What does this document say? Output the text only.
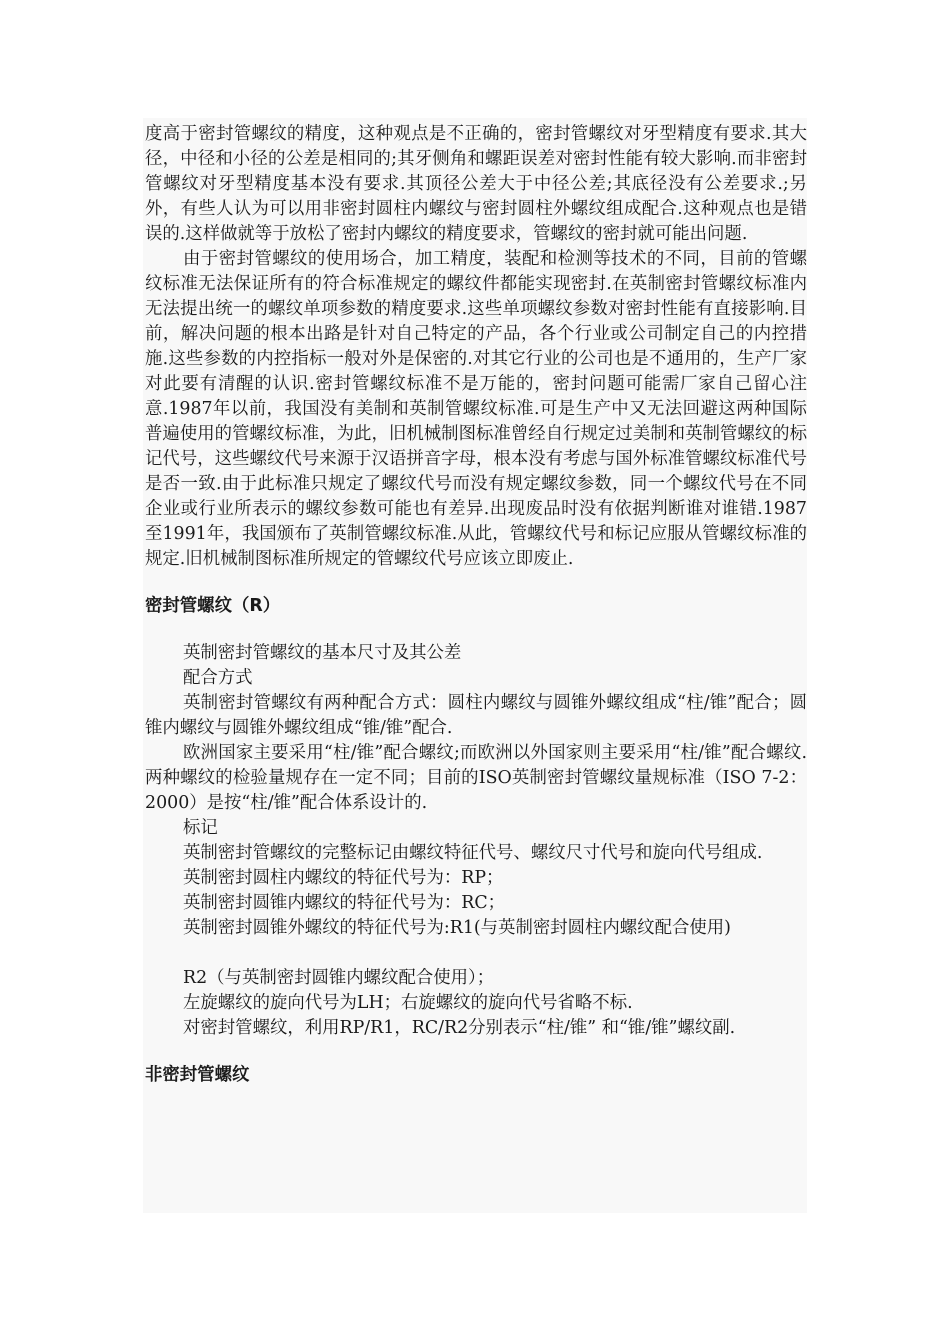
度高于密封管螺纹的精度，这种观点是不正确的，密封管螺纹对牙型精度有要求.其大径，中径和小径的公差是相同的;其牙侧角和螺距误差对密封性能有较大影响.而非密封管螺纹对牙型精度基本没有要求.其顶径公差大于中径公差;其底径没有公差要求.;另外，有些人认为可以用非密封圆柱内螺纹与密封圆柱外螺纹组成配合.这种观点也是错误的.这样做就等于放松了密封内螺纹的精度要求，管螺纹的密封就可能出问题.

由于密封管螺纹的使用场合，加工精度，装配和检测等技术的不同，目前的管螺纹标准无法保证所有的符合标准规定的螺纹件都能实现密封.在英制密封管螺纹标准内无法提出统一的螺纹单项参数的精度要求.这些单项螺纹参数对密封性能有直接影响.目前，解决问题的根本出路是针对自己特定的产品，各个行业或公司制定自己的内控措施.这些参数的内控指标一般对外是保密的.对其它行业的公司也是不通用的，生产厂家对此要有清醒的认识.密封管螺纹标准不是万能的，密封问题可能需厂家自己留心注意.1987年以前，我国没有美制和英制管螺纹标准.可是生产中又无法回避这两种国际普遍使用的管螺纹标准，为此，旧机械制图标准曾经自行规定过美制和英制管螺纹的标记代号，这些螺纹代号来源于汉语拼音字母，根本没有考虑与国外标准管螺纹标准代号是否一致.由于此标准只规定了螺纹代号而没有规定螺纹参数，同一个螺纹代号在不同企业或行业所表示的螺纹参数可能也有差异.出现废品时没有依据判断谁对谁错.1987至1991年，我国颁布了英制管螺纹标准.从此，管螺纹代号和标记应服从管螺纹标准的规定.旧机械制图标准所规定的管螺纹代号应该立即废止.

密封管螺纹（R）

英制密封管螺纹的基本尺寸及其公差

配合方式

英制密封管螺纹有两种配合方式：圆柱内螺纹与圆锥外螺纹组成“柱/锥”配合；圆锥内螺纹与圆锥外螺纹组成“锥/锥”配合.

欧洲国家主要采用“柱/锥”配合螺纹;而欧洲以外国家则主要采用“柱/锥”配合螺纹.两种螺纹的检验量规存在一定不同；目前的ISO英制密封管螺纹量规标准（ISO 7-2：2000）是按“柱/锥”配合体系设计的.

标记

英制密封管螺纹的完整标记由螺纹特征代号、螺纹尺寸代号和旋向代号组成.

英制密封圆柱内螺纹的特征代号为：RP；

英制密封圆锥内螺纹的特征代号为：RC；

英制密封圆锥外螺纹的特征代号为:R1(与英制密封圆柱内螺纹配合使用)

R2（与英制密封圆锥内螺纹配合使用）；

左旋螺纹的旋向代号为LH；右旋螺纹的旋向代号省略不标.

对密封管螺纹，利用RP/R1，RC/R2分别表示“柱/锥” 和“锥/锥”螺纹副.

非密封管螺纹
